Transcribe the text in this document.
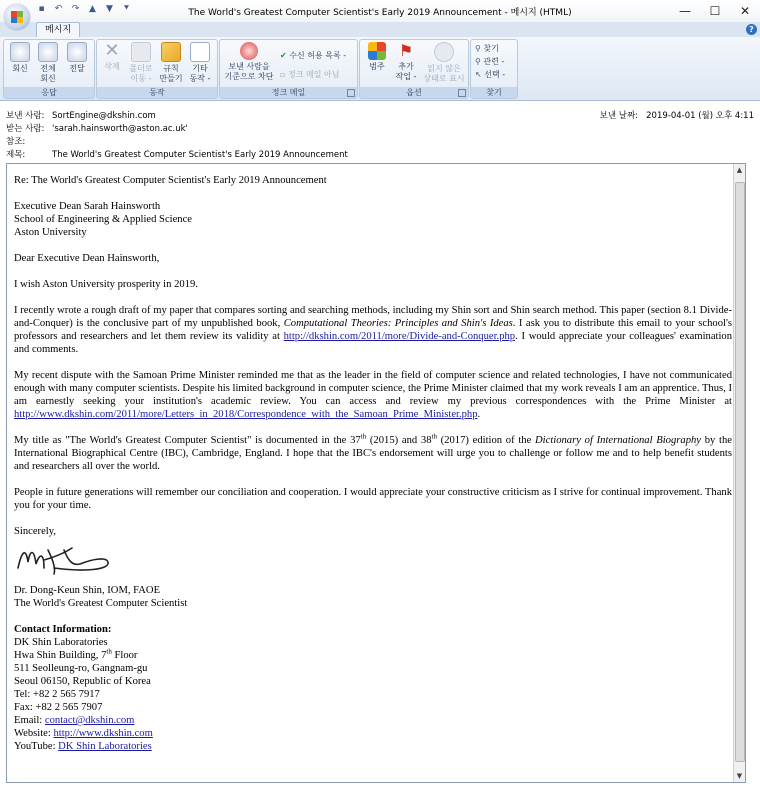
▪ ↶ ↷ ▲ ▼ ⯆	The World's Greatest Computer Scientist's Early 2019 Announcement - 메시지 (HTML)	—	☐	✕
메시지	?
회신	전체
회신
전달
응답
✕
삭제	폴더로
이동 -
규칙
만들기
기타
동작 -
동작
보낸 사람을
기준으로 차단
✔ 수신 허용 목록 -
▫ 정크 메일 아님
정크 메일
범주
⚑
추가
작업 -
읽지 않은
상태로 표시
옵션
⚲ 찾기
⚲ 관련 -
↖ 선택 -
찾기
보낸 사람: SortEngine@dkshin.com
받는 사람: 'sarah.hainsworth@aston.ac.uk'
참조:
제목:	The World's Greatest Computer Scientist's Early 2019 Announcement
보낸 날짜: 2019-04-01 (월) 오후 4:11

Re: The World's Greatest Computer Scientist's Early 2019 Announcement

Executive Dean Sarah Hainsworth
School of Engineering & Applied Science
Aston University

Dear Executive Dean Hainsworth,

I wish Aston University prosperity in 2019.

I recently wrote a rough draft of my paper that compares sorting and searching methods, including my Shin sort and Shin search method. This paper (section 8.1 Divide-and-Conquer) is the conclusive part of my unpublished book, Computational Theories: Principles and Shin's Ideas. I ask you to distribute this email to your school's professors and researchers and let them review its validity at http://dkshin.com/2011/more/Divide-and-Conquer.php. I would appreciate your colleagues' examination and comments.

My recent dispute with the Samoan Prime Minister reminded me that as the leader in the field of computer science and related technologies, I have not communicated enough with many computer scientists. Despite his limited background in computer science, the Prime Minister claimed that my work reveals I am an apprentice. Thus, I am earnestly seeking your institution's academic review. You can access and review my previous correspondences with the Prime Minister at http://www.dkshin.com/2011/more/Letters_in_2018/Correspondence_with_the_Samoan_Prime_Minister.php.

My title as "The World's Greatest Computer Scientist" is documented in the 37th (2015) and 38th (2017) edition of the Dictionary of International Biography by the International Biographical Centre (IBC), Cambridge, England. I hope that the IBC's endorsement will urge you to challenge or follow me and to help benefit students and researchers all over the world.

People in future generations will remember our conciliation and cooperation. I would appreciate your constructive criticism as I strive for continual improvement. Thank you for your time.

Sincerely,
Dr. Dong-Keun Shin, IOM, FAOE
The World's Greatest Computer Scientist
Contact Information:
DK Shin Laboratories
Hwa Shin Building, 7th Floor
511 Seolleung-ro, Gangnam-gu
Seoul 06150, Republic of Korea
Tel: +82 2 565 7917
Fax: +82 2 565 7907
Email: contact@dkshin.com
Website: http://www.dkshin.com
YouTube: DK Shin Laboratories
▲
▼
